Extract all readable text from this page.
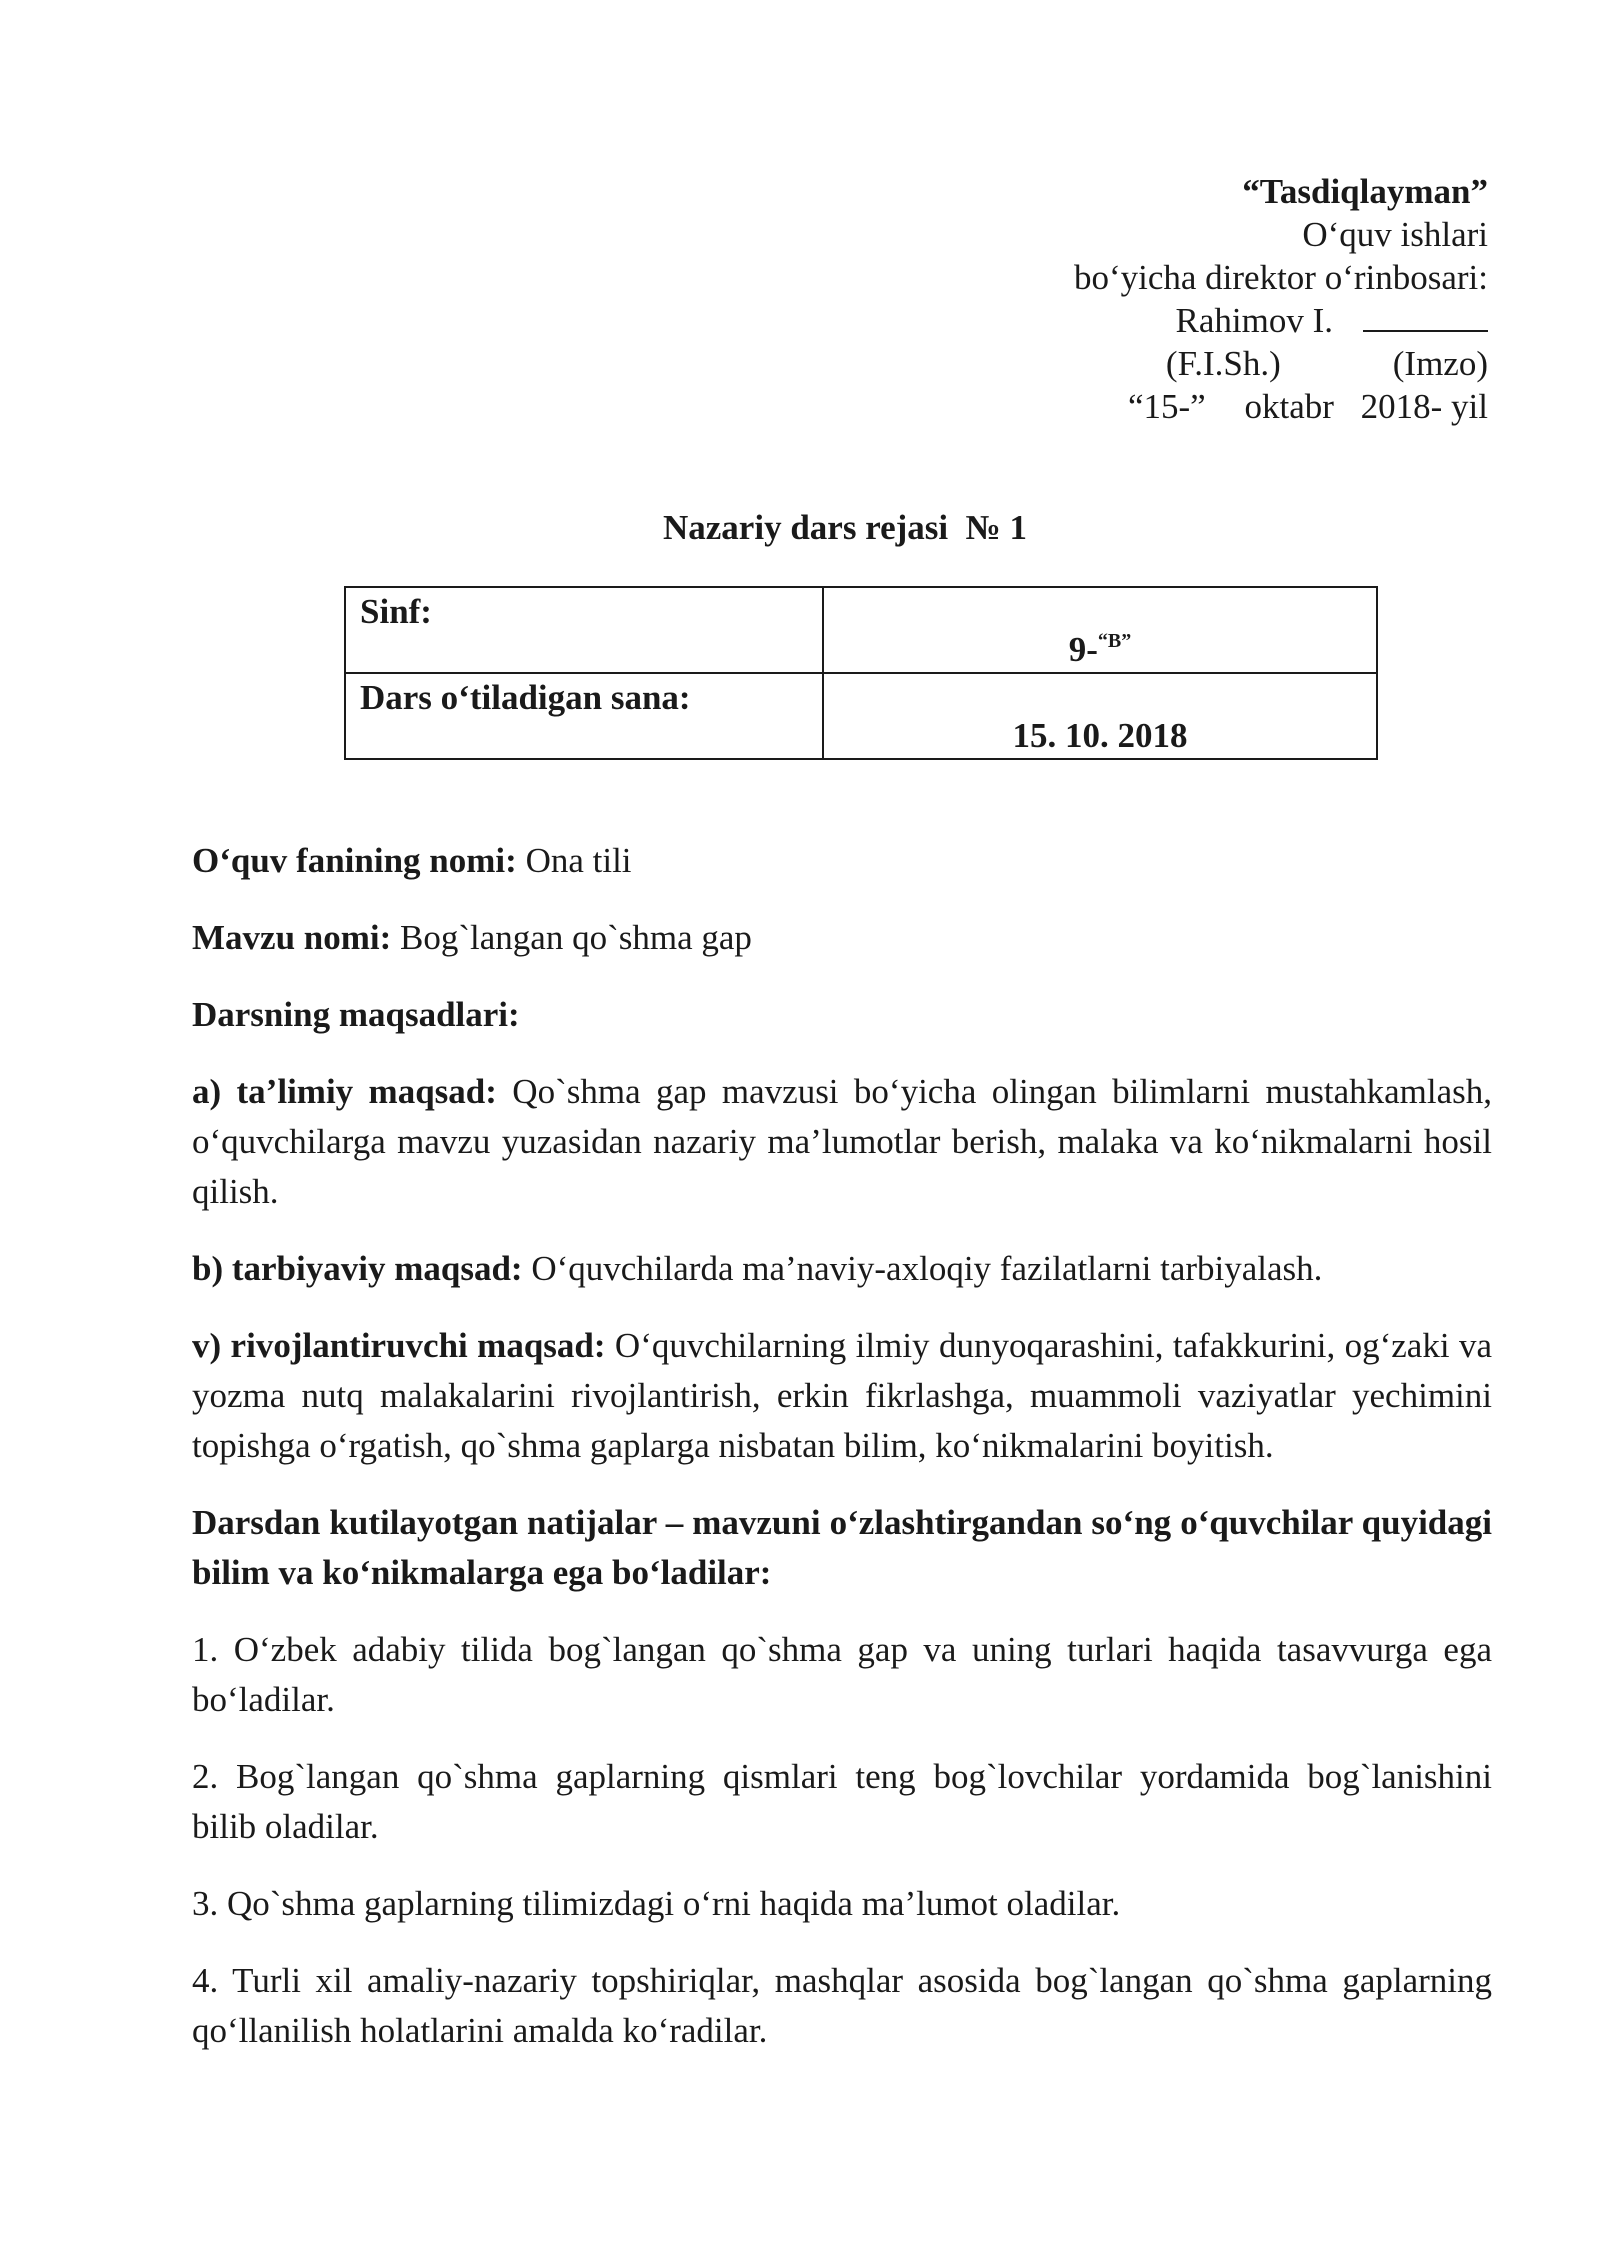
“Tasdiqlayman”
O‘quv ishlari
bo‘yicha direktor o‘rinbosari:
Rahimov I.
(F.I.Sh.)	(Imzo)
“15-” oktabr 2018- yil
Nazariy dars rejasi  № 1
Sinf:	9-$^{“В”}$
Dars o‘tiladigan sana:	15. 10. 2018

O‘quv fanining nomi: Ona tili

Mavzu nomi: Bog`langan qo`shma gap

Darsning maqsadlari:

a) ta’limiy maqsad: Qo`shma gap mavzusi bo‘yicha olingan bilimlarni mustahkamlash, o‘quvchilarga mavzu yuzasidan nazariy ma’lumotlar berish, malaka va ko‘nikmalarni hosil qilish.

b) tarbiyaviy maqsad: O‘quvchilarda ma’naviy-axloqiy fazilatlarni tarbiyalash.

v) rivojlantiruvchi maqsad: O‘quvchilarning ilmiy dunyoqarashini, tafakkurini, og‘zaki va yozma nutq malakalarini rivojlantirish, erkin fikrlashga, muammoli vaziyatlar yechimini topishga o‘rgatish, qo`shma gaplarga nisbatan bilim, ko‘nikmalarini boyitish.

Darsdan kutilayotgan natijalar – mavzuni o‘zlashtirgandan so‘ng o‘quvchilar quyidagi bilim va ko‘nikmalarga ega bo‘ladilar:

1. O‘zbek adabiy tilida bog`langan qo`shma gap va uning turlari haqida tasavvurga ega bo‘ladilar.

2. Bog`langan qo`shma gaplarning qismlari teng bog`lovchilar yordamida bog`lanishini bilib oladilar.

3. Qo`shma gaplarning tilimizdagi o‘rni haqida ma’lumot oladilar.

4. Turli xil amaliy-nazariy topshiriqlar, mashqlar asosida bog`langan qo`shma gaplarning qo‘llanilish holatlarini amalda ko‘radilar.
